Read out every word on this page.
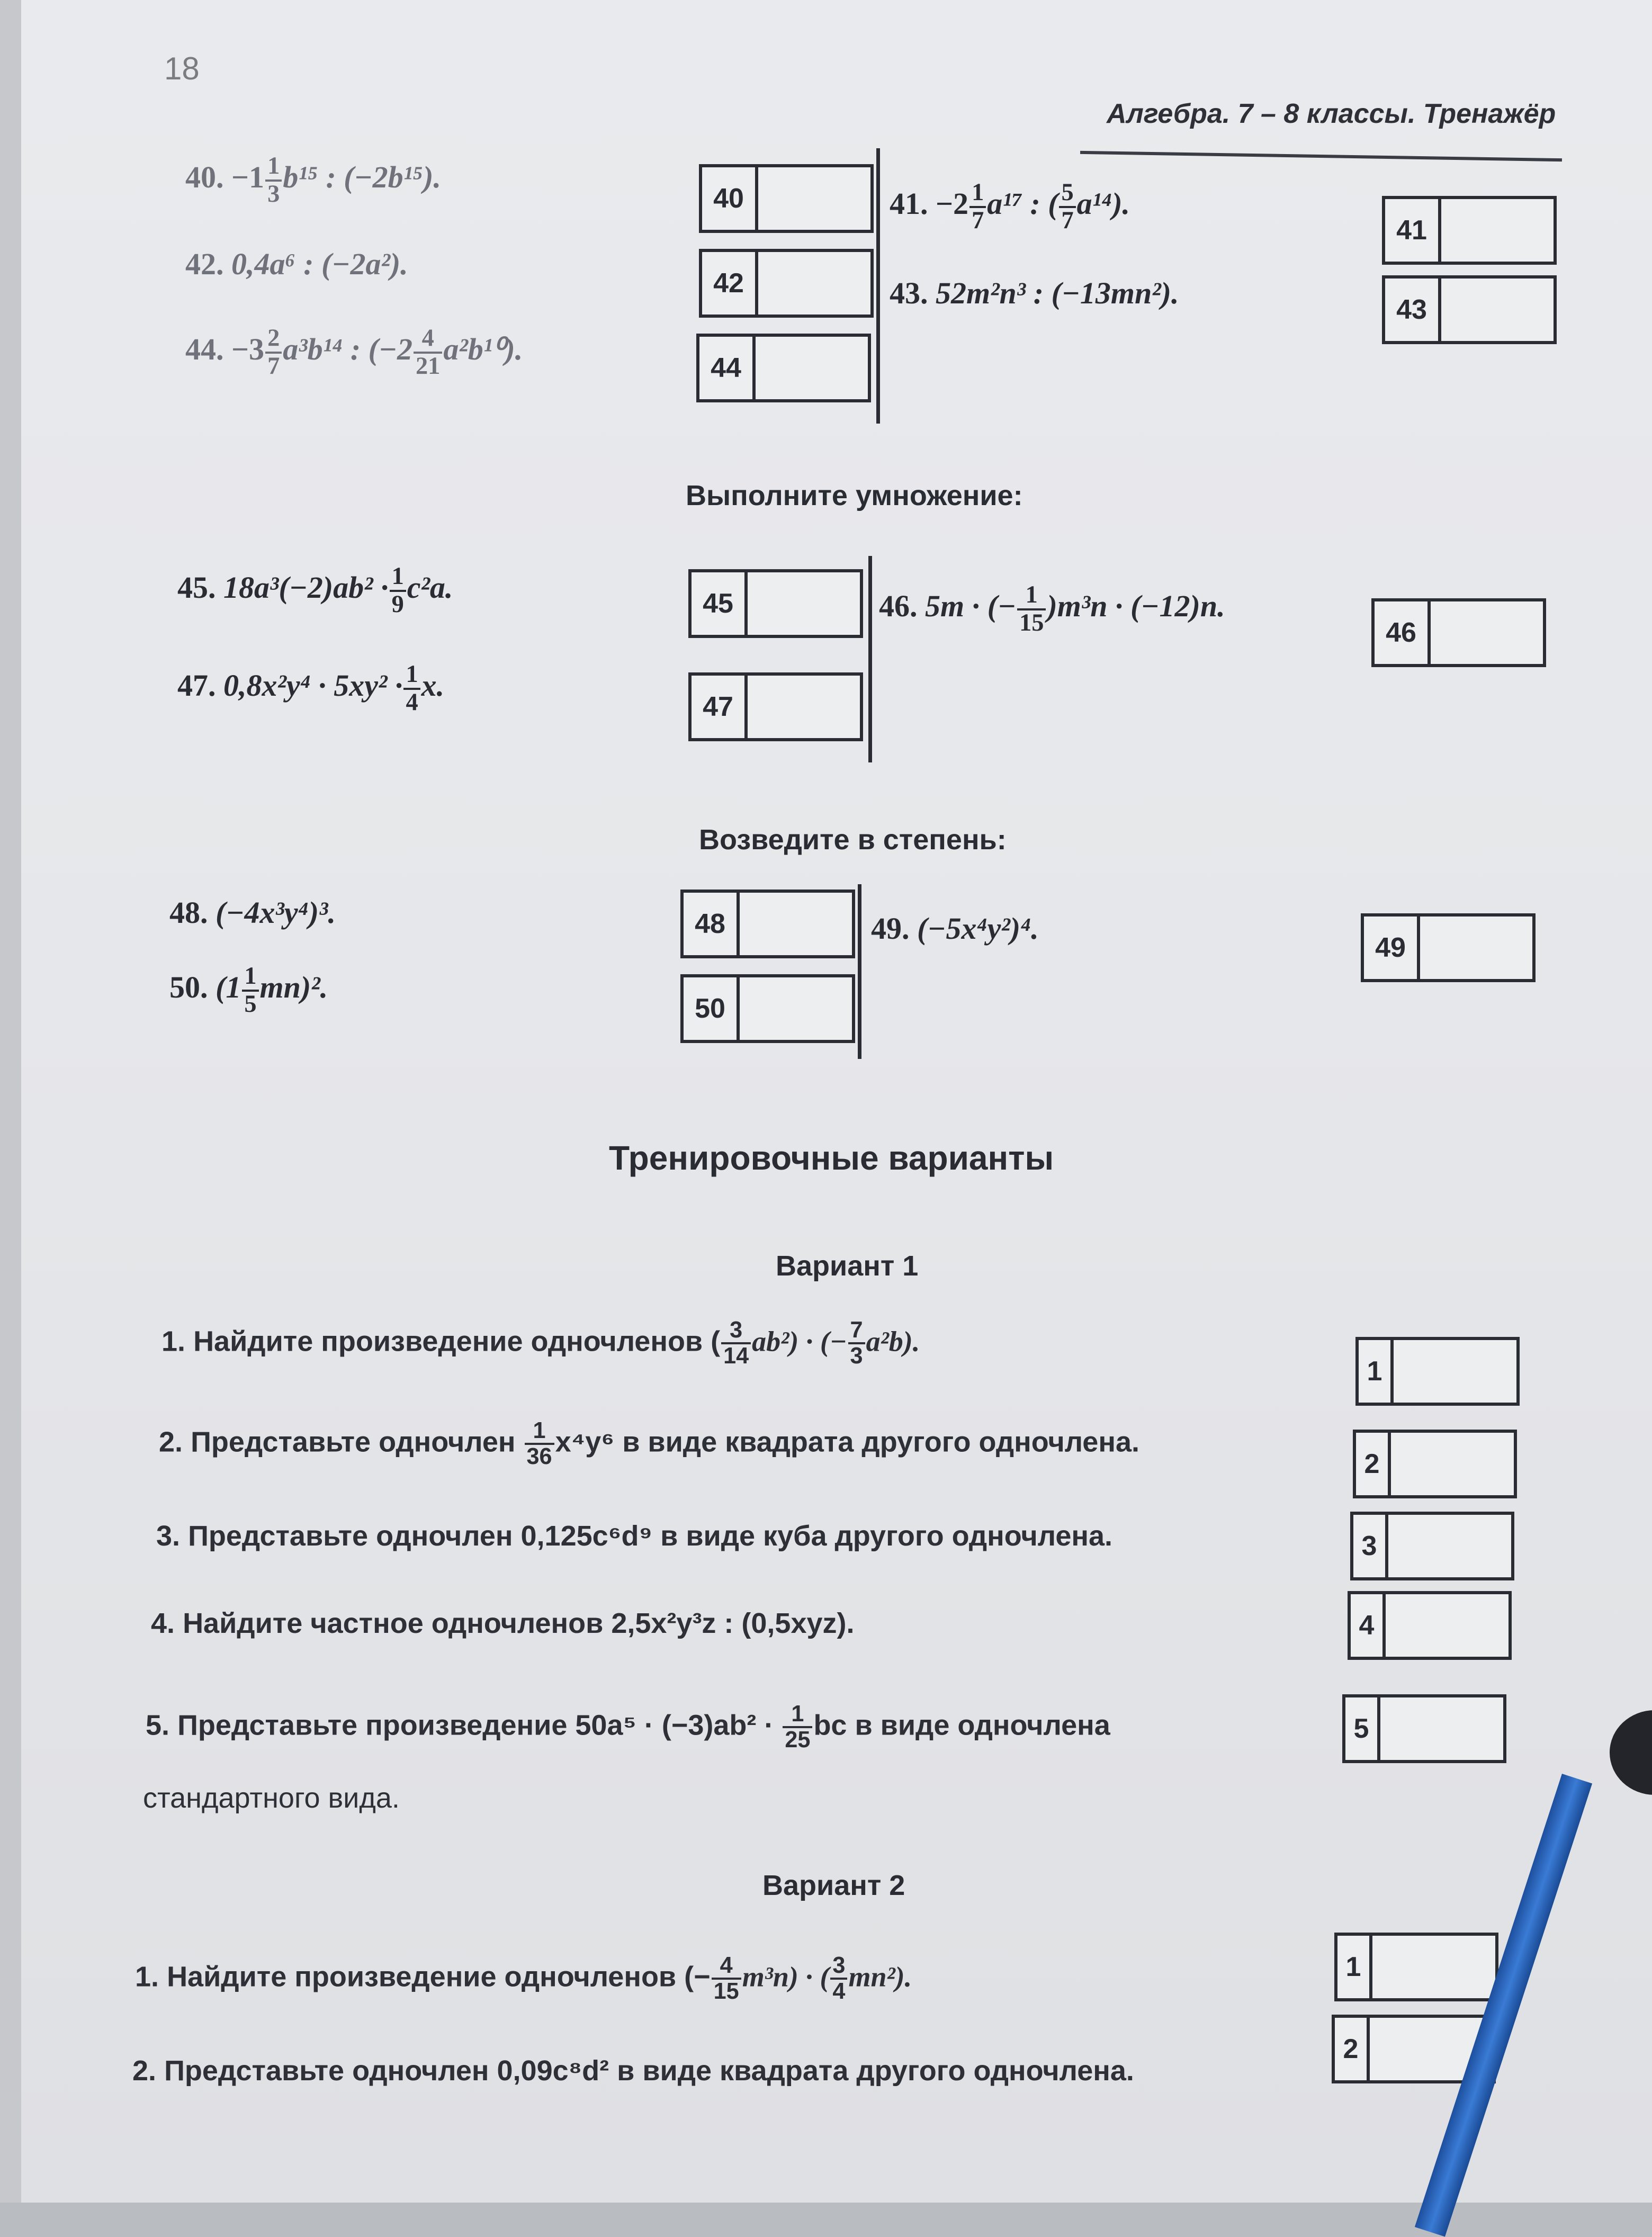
18
Алгебра. 7 – 8 классы. Тренажёр
40. $-1 \frac{1}{3} b^{15}$ : (−2b¹⁵).
42. 0,4a⁶ : (−2a²).
44. $-3 \frac{2}{7} a^3b^{14}$ : $(-2 \frac{4}{21} a^2b^{10})$.
40
42
44
41. $-2 \frac{1}{7} a^{17}$ : ( $\frac{5}{7} a^{14}$).
43. 52m²n³ : (−13mn²).
41
43
Выполните умножение:
45. $18a^3(-2)ab^2 \cdot \frac{1}{9} c^2a$.
47. $0,8x^2y^4 \cdot 5xy^2 \cdot \frac{1}{4} x$.
45
47
46. 5m · (− $\frac{1}{15} )m^3n \cdot (-12)n$.
46
Возведите в степень:
48. (−4x³y⁴)³.
50. $(1 \frac{1}{5} mn)^2$.
48
50
49. (−5x⁴y²)⁴.
49
Тренировочные варианты
Вариант 1
1. Найдите произведение одночленов ( $\frac{3}{14} ab^2$) · (− $\frac{7}{3} a^2b$).
2. Представьте одночлен $\frac{1}{36} x^4y^6$ в виде квадрата другого одночлена.
3. Представьте одночлен 0,125c⁶d⁹ в виде куба другого одночлена.
4. Найдите частное одночленов 2,5x²y³z : (0,5xyz).
5. Представьте произведение $50a^5 \cdot (-3)ab^2 \cdot \frac{1}{25}$ bc в виде одночлена
стандартного вида.
1
2
3
4
5
Вариант 2
1. Найдите произведение одночленов (− $\frac{4}{15} m^3n$) · ( $\frac{3}{4} mn^2$).
2. Представьте одночлен 0,09c⁸d² в виде квадрата другого одночлена.
1
2
